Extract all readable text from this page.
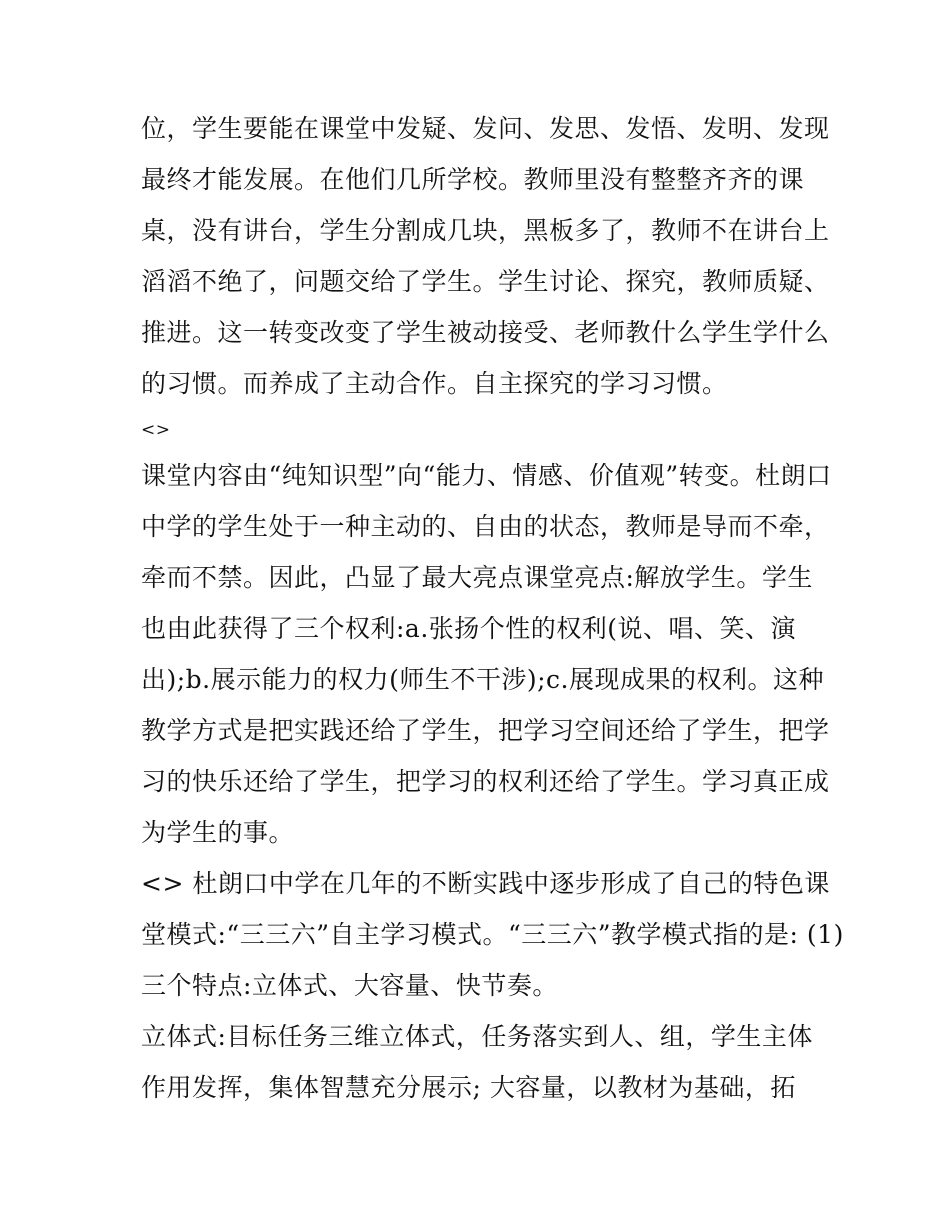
位，学生要能在课堂中发疑、发问、发思、发悟、发明、发现
最终才能发展。在他们几所学校。教师里没有整整齐齐的课
桌，没有讲台，学生分割成几块，黑板多了，教师不在讲台上
滔滔不绝了，问题交给了学生。学生讨论、探究，教师质疑、
推进。这一转变改变了学生被动接受、老师教什么学生学什么
的习惯。而养成了主动合作。自主探究的学习习惯。
<>
课堂内容由“纯知识型”向“能力、情感、价值观”转变。杜朗口
中学的学生处于一种主动的、自由的状态，教师是导而不牵，
牵而不禁。因此，凸显了最大亮点课堂亮点:解放学生。学生
也由此获得了三个权利:a.张扬个性的权利(说、唱、笑、演
出);b.展示能力的权力(师生不干涉);c.展现成果的权利。这种
教学方式是把实践还给了学生，把学习空间还给了学生，把学
习的快乐还给了学生，把学习的权利还给了学生。学习真正成
为学生的事。
<> 杜朗口中学在几年的不断实践中逐步形成了自己的特色课
堂模式:“三三六”自主学习模式。“三三六”教学模式指的是: (1)
三个特点:立体式、大容量、快节奏。
立体式:目标任务三维立体式，任务落实到人、组，学生主体
作用发挥，集体智慧充分展示; 大容量，以教材为基础，拓
